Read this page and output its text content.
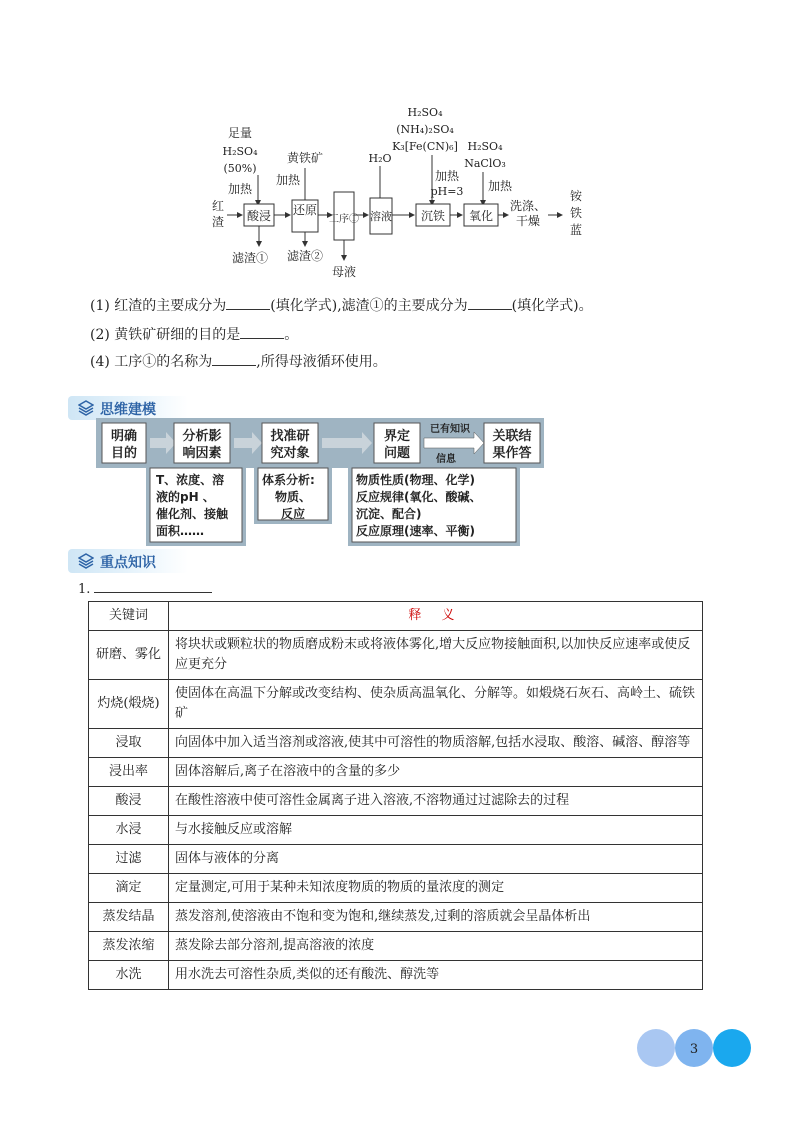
足量
H₂SO₄
(50%)
加热
黄铁矿
加热
H₂O
H₂SO₄
(NH₄)₂SO₄
K₃[Fe(CN)₆]
加热
pH=3
H₂SO₄
NaClO₃
加热
红
渣 酸浸 还原
工序① 溶液 沉铁 氧化
洗涤、
干燥
铵
铁
蓝
滤渣① 滤渣②
母液
(1) 红渣的主要成分为	(填化学式),滤渣①的主要成分为	(填化学式)。
(2) 黄铁矿研细的目的是	。
(4) 工序①的名称为	,所得母液循环使用。
思维建模
明确
目的
分析影
响因素
找准研
究对象
界定
问题
已有知识
信息
关联结
果作答
T、浓度、溶
液的pH 、
催化剂、接触
面积……
体系分析:
物质、
反应
物质性质(物理、化学)
反应规律(氧化、酸碱、
沉淀、配合)
反应原理(速率、平衡)
重点知识
1.
关键词	释 义
研磨、雾化	将块状或颗粒状的物质磨成粉末或将液体雾化,增大反应物接触面积,以加快反应速率或使反应更充分
灼烧(煅烧)	使固体在高温下分解或改变结构、使杂质高温氧化、分解等。如煅烧石灰石、高岭土、硫铁矿
浸取	向固体中加入适当溶剂或溶液,使其中可溶性的物质溶解,包括水浸取、酸溶、碱溶、醇溶等
浸出率	固体溶解后,离子在溶液中的含量的多少
酸浸	在酸性溶液中使可溶性金属离子进入溶液,不溶物通过过滤除去的过程
水浸	与水接触反应或溶解
过滤	固体与液体的分离
滴定	定量测定,可用于某种未知浓度物质的物质的量浓度的测定
蒸发结晶	蒸发溶剂,使溶液由不饱和变为饱和,继续蒸发,过剩的溶质就会呈晶体析出
蒸发浓缩	蒸发除去部分溶剂,提高溶液的浓度
水洗	用水洗去可溶性杂质,类似的还有酸洗、醇洗等
3
